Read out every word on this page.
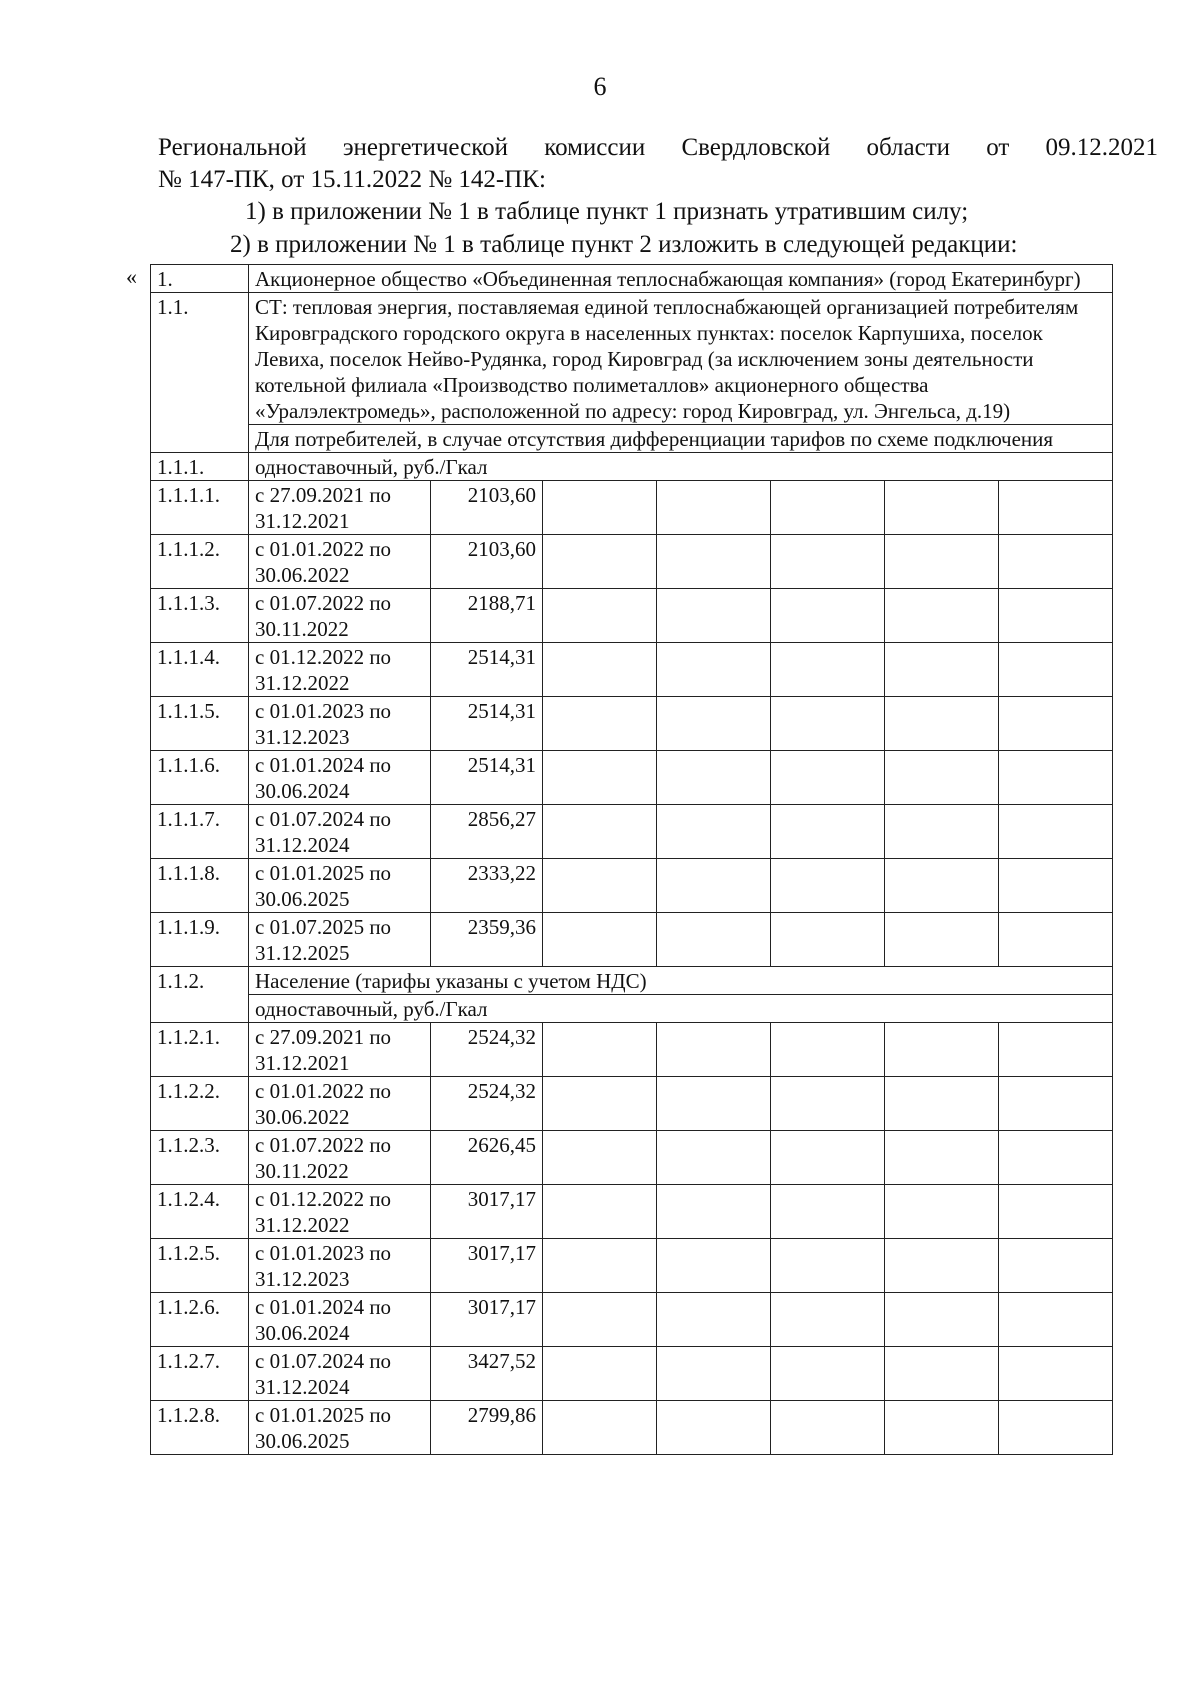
6
Региональной энергетической комиссии Свердловской области от 09.12.2021
№ 147-ПК, от 15.11.2022 № 142-ПК:
1) в приложении № 1 в таблице пункт 1 признать утратившим силу;
2) в приложении № 1 в таблице пункт 2 изложить в следующей редакции:
« 1.	Акционерное общество «Объединенная теплоснабжающая компания» (город Екатеринбург)						
1.1.	СТ: тепловая энергия, поставляемая единой теплоснабжающей организацией потребителям Кировградского городского округа в населенных пунктах: поселок Карпушиха, поселок Левиха, поселок Нейво-Рудянка, город Кировград (за исключением зоны деятельности котельной филиала «Производство полиметаллов» акционерного общества «Уралэлектромедь», расположенной по адресу: город Кировград, ул. Энгельса, д.19)						
	Для потребителей, в случае отсутствия дифференциации тарифов по схеме подключения						
1.1.1.	одноставочный, руб./Гкал						
1.1.1.1.	с 27.09.2021 по 31.12.2021	2103,60					
1.1.1.2.	с 01.01.2022 по 30.06.2022	2103,60					
1.1.1.3.	с 01.07.2022 по 30.11.2022	2188,71					
1.1.1.4.	с 01.12.2022 по 31.12.2022	2514,31					
1.1.1.5.	с 01.01.2023 по 31.12.2023	2514,31					
1.1.1.6.	с 01.01.2024 по 30.06.2024	2514,31					
1.1.1.7.	с 01.07.2024 по 31.12.2024	2856,27					
1.1.1.8.	с 01.01.2025 по 30.06.2025	2333,22					
1.1.1.9.	с 01.07.2025 по 31.12.2025	2359,36					
1.1.2.	Население (тарифы указаны с учетом НДС)						
	одноставочный, руб./Гкал						
1.1.2.1.	с 27.09.2021 по 31.12.2021	2524,32					
1.1.2.2.	с 01.01.2022 по 30.06.2022	2524,32					
1.1.2.3.	с 01.07.2022 по 30.11.2022	2626,45					
1.1.2.4.	с 01.12.2022 по 31.12.2022	3017,17					
1.1.2.5.	с 01.01.2023 по 31.12.2023	3017,17					
1.1.2.6.	с 01.01.2024 по 30.06.2024	3017,17					
1.1.2.7.	с 01.07.2024 по 31.12.2024	3427,52					
1.1.2.8.	с 01.01.2025 по 30.06.2025	2799,86					
